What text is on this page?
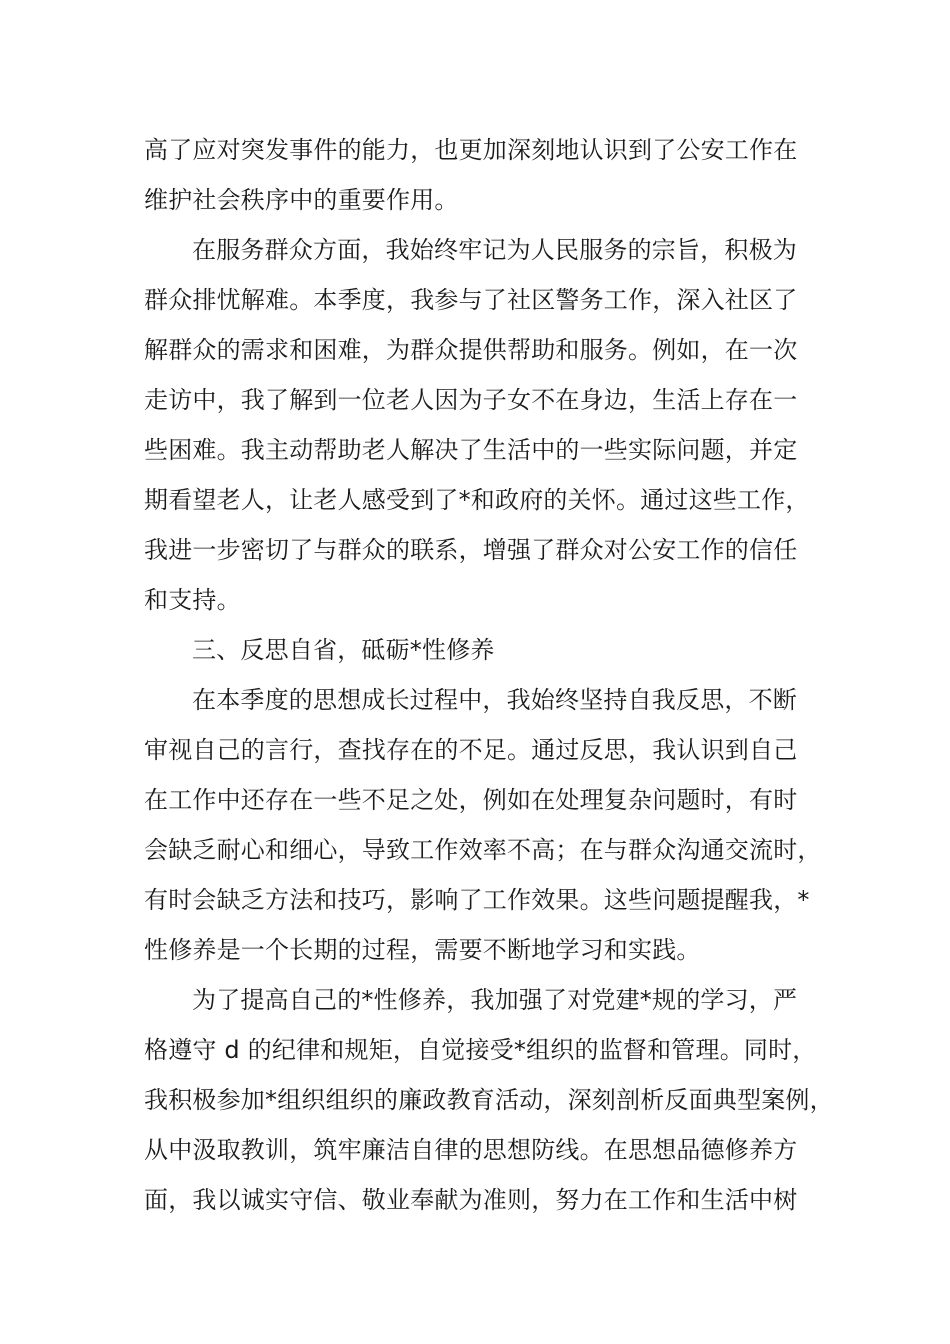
高了应对突发事件的能力，也更加深刻地认识到了公安工作在
维护社会秩序中的重要作用。
在服务群众方面，我始终牢记为人民服务的宗旨，积极为
群众排忧解难。本季度，我参与了社区警务工作，深入社区了
解群众的需求和困难，为群众提供帮助和服务。例如，在一次
走访中，我了解到一位老人因为子女不在身边，生活上存在一
些困难。我主动帮助老人解决了生活中的一些实际问题，并定
期看望老人，让老人感受到了*和政府的关怀。通过这些工作，
我进一步密切了与群众的联系，增强了群众对公安工作的信任
和支持。
三、反思自省，砥砺*性修养
在本季度的思想成长过程中，我始终坚持自我反思，不断
审视自己的言行，查找存在的不足。通过反思，我认识到自己
在工作中还存在一些不足之处，例如在处理复杂问题时，有时
会缺乏耐心和细心，导致工作效率不高；在与群众沟通交流时，
有时会缺乏方法和技巧，影响了工作效果。这些问题提醒我，*
性修养是一个长期的过程，需要不断地学习和实践。
为了提高自己的*性修养，我加强了对党建*规的学习，严
格遵守 d 的纪律和规矩，自觉接受*组织的监督和管理。同时，
我积极参加*组织组织的廉政教育活动，深刻剖析反面典型案例，
从中汲取教训，筑牢廉洁自律的思想防线。在思想品德修养方
面，我以诚实守信、敬业奉献为准则，努力在工作和生活中树
